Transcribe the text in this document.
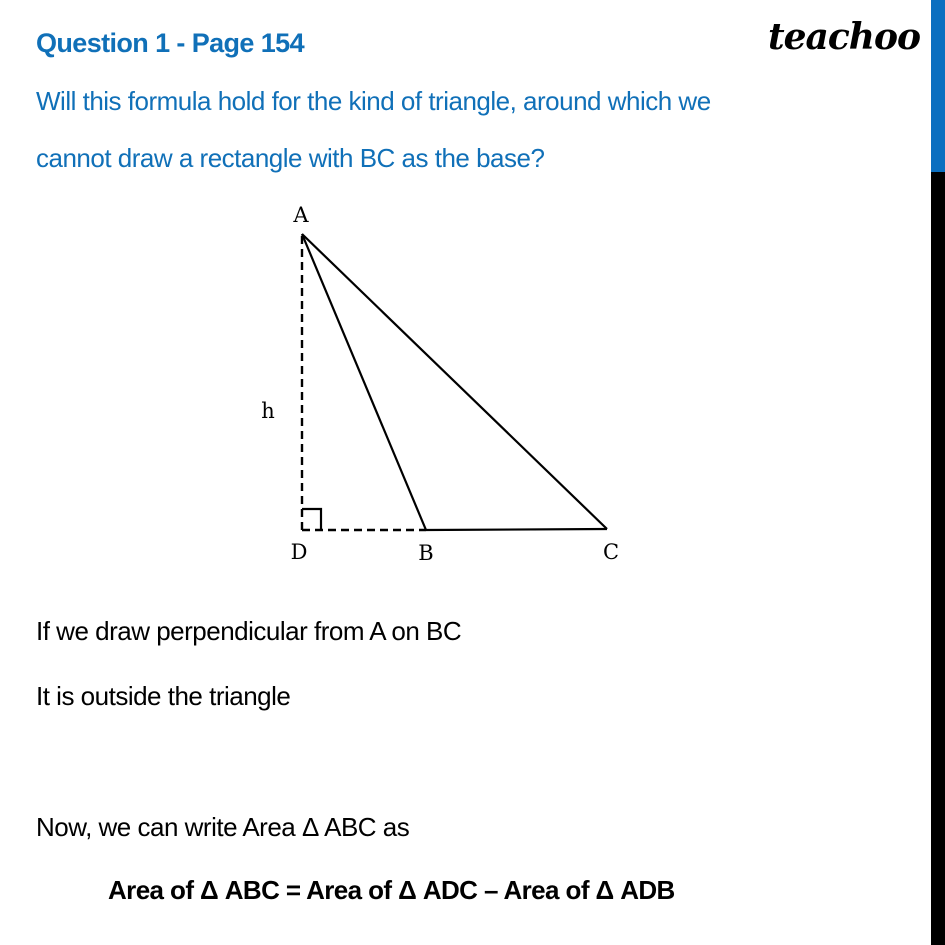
Question 1 - Page 154	teachoo
Will this formula hold for the kind of triangle, around which we
cannot draw a rectangle with BC as the base?
A
h
D	B	C
If we draw perpendicular from A on BC
It is outside the triangle
Now, we can write Area Δ ABC as
Area of Δ ABC = Area of Δ ADC – Area of Δ ADB
